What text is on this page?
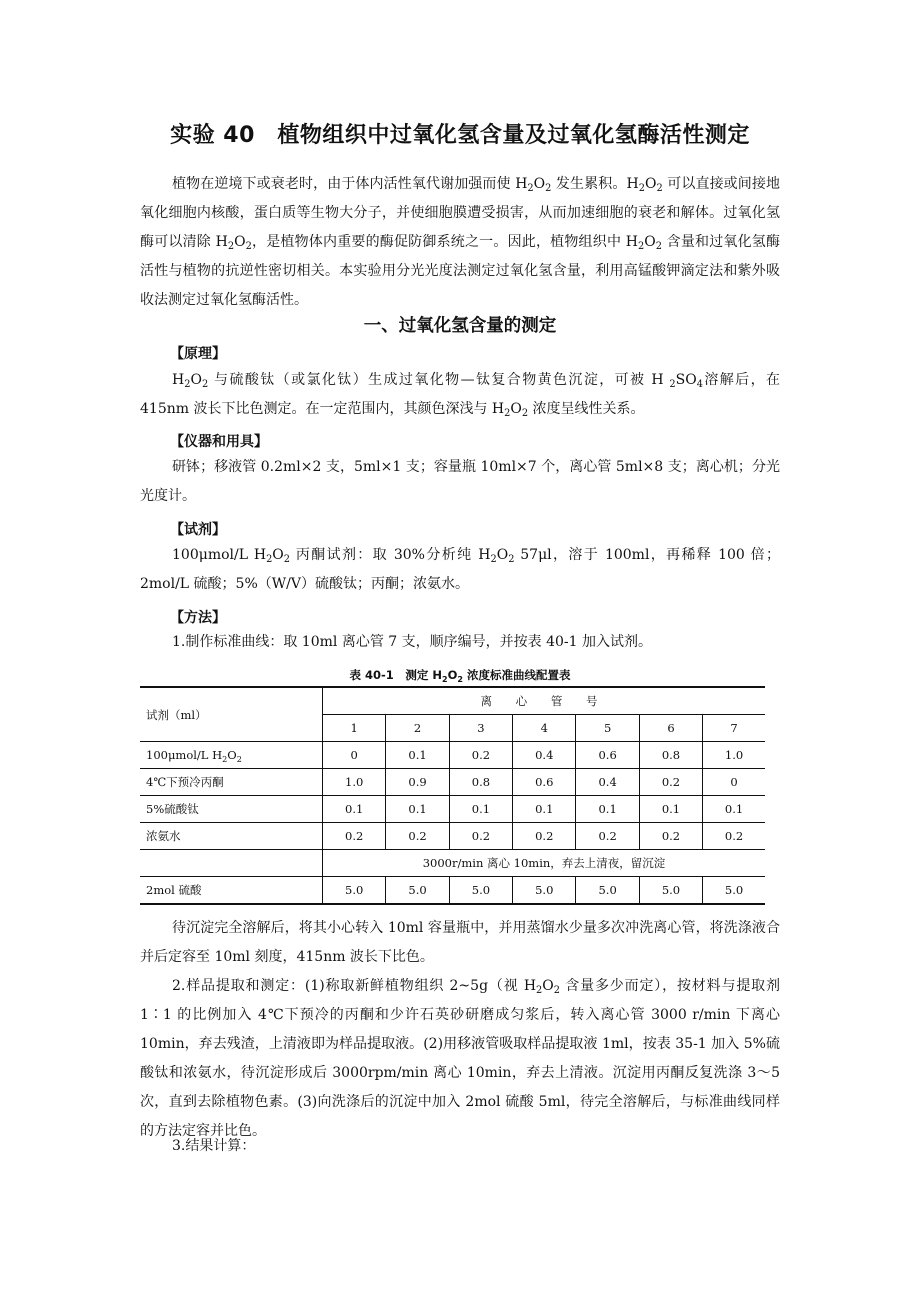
实验 40　植物组织中过氧化氢含量及过氧化氢酶活性测定

植物在逆境下或衰老时，由于体内活性氧代谢加强而使 $H_2O_2$ 发生累积。$H_2O_2$ 可以直接或间接地氧化细胞内核酸，蛋白质等生物大分子，并使细胞膜遭受损害，从而加速细胞的衰老和解体。过氧化氢酶可以清除 $H_2O_2$，是植物体内重要的酶促防御系统之一。因此，植物组织中 $H_2O_2$ 含量和过氧化氢酶活性与植物的抗逆性密切相关。本实验用分光光度法测定过氧化氢含量，利用高锰酸钾滴定法和紫外吸收法测定过氧化氢酶活性。

一、过氧化氢含量的测定
【原理】

$H_2O_2$ 与硫酸钛（或氯化钛）生成过氧化物—钛复合物黄色沉淀，可被 H $_2SO_4$溶解后，在 415nm 波长下比色测定。在一定范围内，其颜色深浅与 $H_2O_2$ 浓度呈线性关系。

【仪器和用具】

研钵；移液管 0.2ml×2 支，5ml×1 支；容量瓶 10ml×7 个，离心管 5ml×8 支；离心机；分光光度计。

【试剂】

100μmol/L $H_2O_2$ 丙酮试剂：取 30%分析纯 $H_2O_2$ 57μl，溶于 100ml，再稀释 100 倍；2mol/L 硫酸；5%（W/V）硫酸钛；丙酮；浓氨水。

【方法】

1.制作标准曲线：取 10ml 离心管 7 支，顺序编号，并按表 40-1 加入试剂。

表 40-1　测定 $H_2O_2$ 浓度标准曲线配置表
试剂（ml）	离 心 管 号						
	1	2	3	4	5	6	7
100μmol/L $H_2O_2$	0	0.1	0.2	0.4	0.6	0.8	1.0
4℃下预冷丙酮	1.0	0.9	0.8	0.6	0.4	0.2	0
5%硫酸钛	0.1	0.1	0.1	0.1	0.1	0.1	0.1
浓氨水	0.2	0.2	0.2	0.2	0.2	0.2	0.2
	3000r/min 离心 10min，弃去上清夜，留沉淀						
2mol 硫酸	5.0	5.0	5.0	5.0	5.0	5.0	5.0

待沉淀完全溶解后，将其小心转入 10ml 容量瓶中，并用蒸馏水少量多次冲洗离心管，将洗涤液合并后定容至 10ml 刻度，415nm 波长下比色。

2.样品提取和测定：(1)称取新鲜植物组织 2~5g（视 $H_2O_2$ 含量多少而定），按材料与提取剂 1∶1 的比例加入 4℃下预冷的丙酮和少许石英砂研磨成匀浆后，转入离心管 3000 r/min 下离心 10min，弃去残渣，上清液即为样品提取液。(2)用移液管吸取样品提取液 1ml，按表 35-1 加入 5%硫酸钛和浓氨水，待沉淀形成后 3000rpm/min 离心 10min，弃去上清液。沉淀用丙酮反复洗涤 3～5 次，直到去除植物色素。(3)向洗涤后的沉淀中加入 2mol 硫酸 5ml，待完全溶解后，与标准曲线同样的方法定容并比色。

3.结果计算：
